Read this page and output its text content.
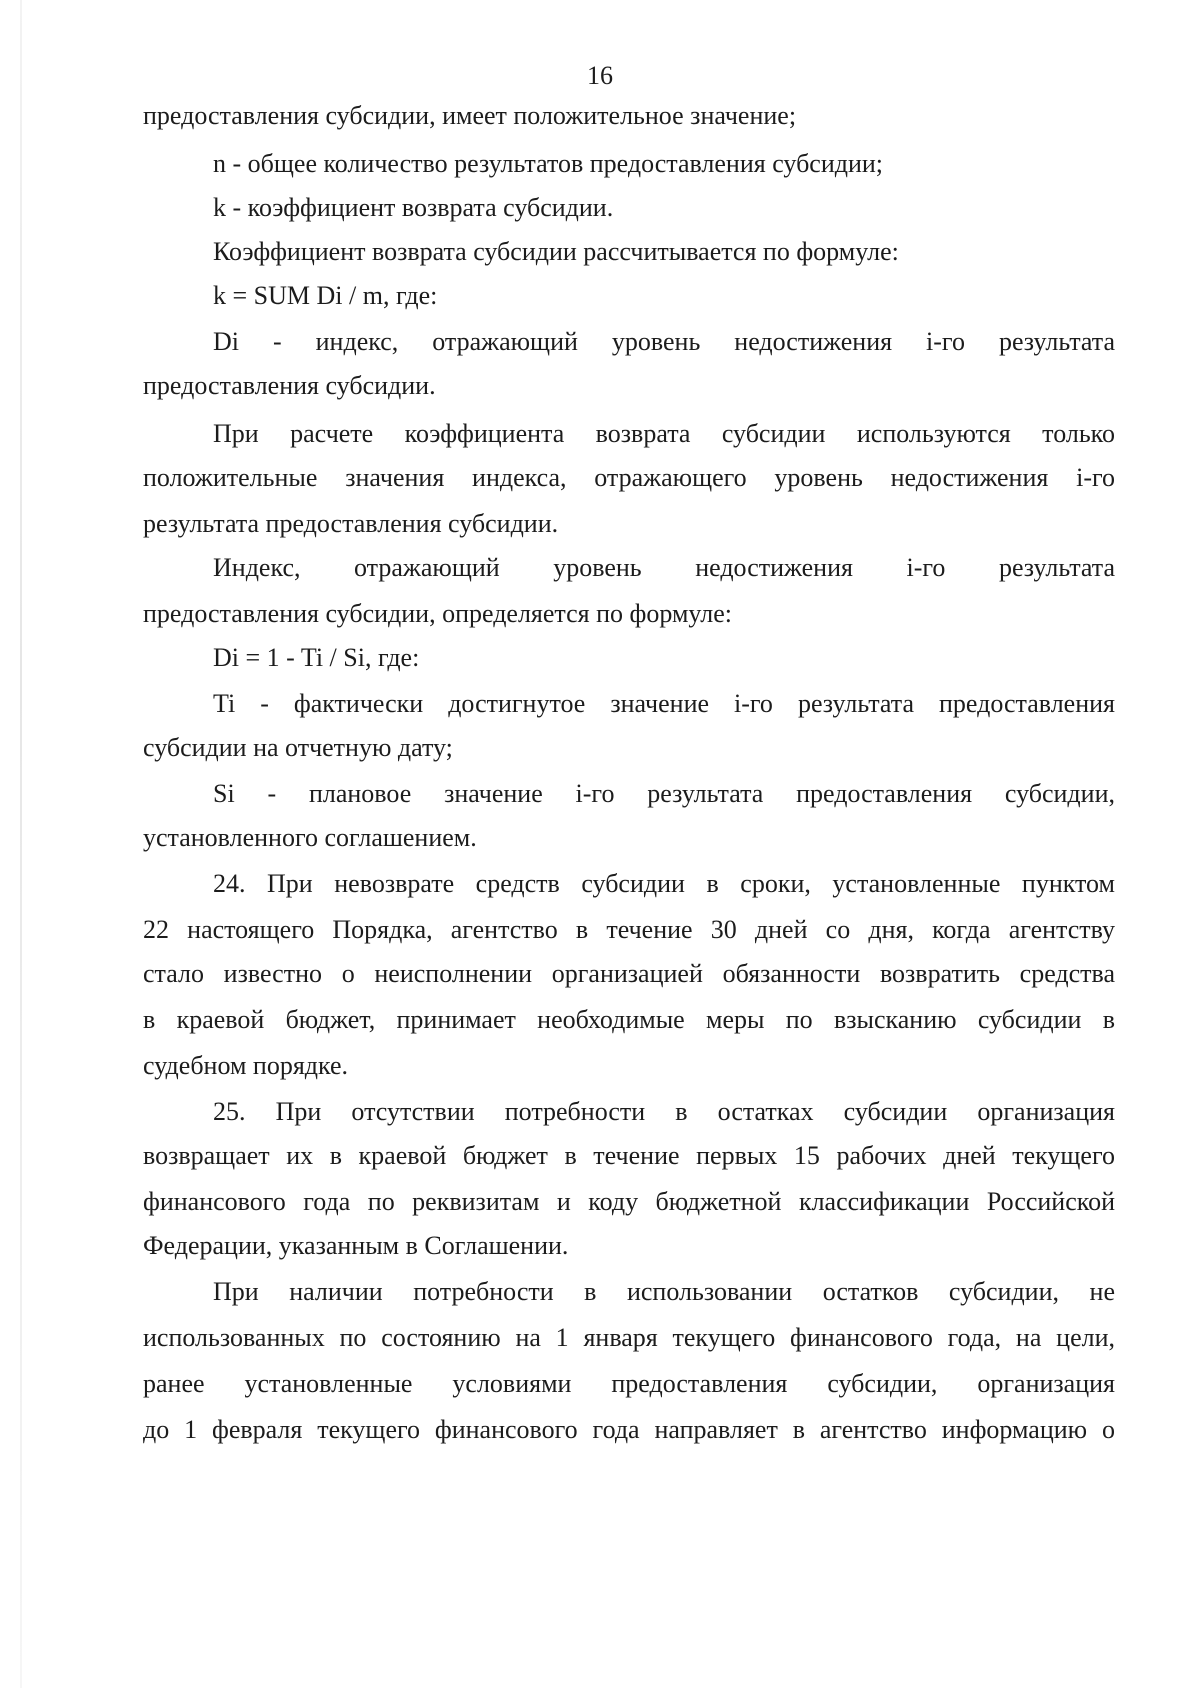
16
предоставления субсидии, имеет положительное значение;
n - общее количество результатов предоставления субсидии;
k - коэффициент возврата субсидии.
Коэффициент возврата субсидии рассчитывается по формуле:
k = SUM Di / m, где:
Di - индекс, отражающий уровень недостижения i-го результата
предоставления субсидии.
При расчете коэффициента возврата субсидии используются только
положительные значения индекса, отражающего уровень недостижения i-го
результата предоставления субсидии.
Индекс, отражающий уровень недостижения i-го результата
предоставления субсидии, определяется по формуле:
Di = 1 - Ti / Si, где:
Ti - фактически достигнутое значение i-го результата предоставления
субсидии на отчетную дату;
Si - плановое значение i-го результата предоставления субсидии,
установленного соглашением.
24. При невозврате средств субсидии в сроки, установленные пунктом
22 настоящего Порядка, агентство в течение 30 дней со дня, когда агентству
стало известно о неисполнении организацией обязанности возвратить средства
в краевой бюджет, принимает необходимые меры по взысканию субсидии в
судебном порядке.
25. При отсутствии потребности в остатках субсидии организация
возвращает их в краевой бюджет в течение первых 15 рабочих дней текущего
финансового года по реквизитам и коду бюджетной классификации Российской
Федерации, указанным в Соглашении.
При наличии потребности в использовании остатков субсидии, не
использованных по состоянию на 1 января текущего финансового года, на цели,
ранее установленные условиями предоставления субсидии, организация
до 1 февраля текущего финансового года направляет в агентство информацию о
